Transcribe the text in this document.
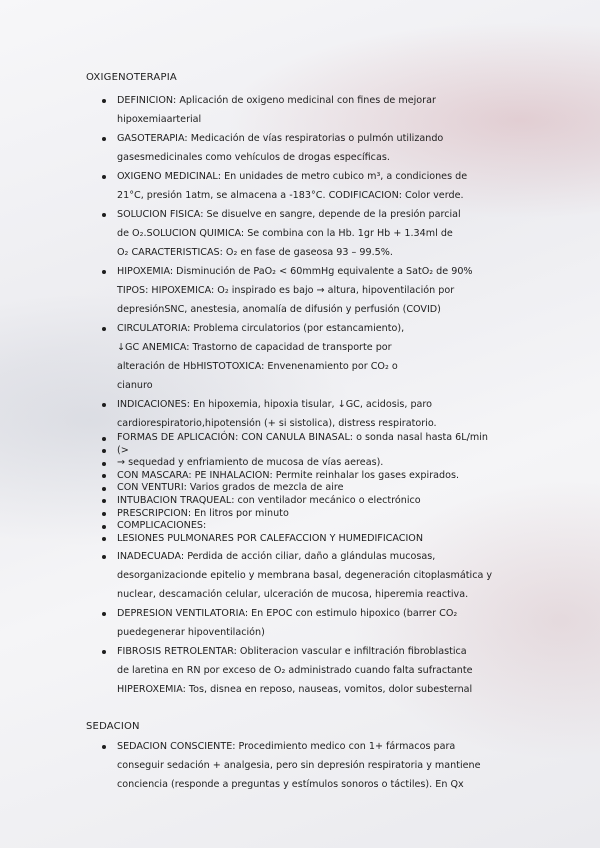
OXIGENOTERAPIA
DEFINICION: Aplicación de oxigeno medicinal con fines de mejorar
hipoxemiaarterial
GASOTERAPIA: Medicación de vías respiratorias o pulmón utilizando
gasesmedicinales como vehículos de drogas específicas.
OXIGENO MEDICINAL: En unidades de metro cubico m³, a condiciones de
21°C, presión 1atm, se almacena a -183°C. CODIFICACION: Color verde.
SOLUCION FISICA: Se disuelve en sangre, depende de la presión parcial
de O₂.SOLUCION QUIMICA: Se combina con la Hb. 1gr Hb + 1.34ml de
O₂ CARACTERISTICAS: O₂ en fase de gaseosa 93 – 99.5%.
HIPOXEMIA: Disminución de PaO₂ < 60mmHg equivalente a SatO₂ de 90%
TIPOS: HIPOXEMICA: O₂ inspirado es bajo → altura, hipoventilación por
depresiónSNC, anestesia, anomalía de difusión y perfusión (COVID)
CIRCULATORIA: Problema circulatorios (por estancamiento),
↓GC ANEMICA: Trastorno de capacidad de transporte por
alteración de HbHISTOTOXICA: Envenenamiento por CO₂ o
cianuro
INDICACIONES: En hipoxemia, hipoxia tisular, ↓GC, acidosis, paro
cardiorespiratorio,hipotensión (+ si sistolica), distress respiratorio.
FORMAS DE APLICACIÓN: CON CANULA BINASAL: o sonda nasal hasta 6L/min
(>
→ sequedad y enfriamiento de mucosa de vías aereas).
CON MASCARA: PE INHALACION: Permite reinhalar los gases expirados.
CON VENTURI: Varios grados de mezcla de aire
INTUBACION TRAQUEAL: con ventilador mecánico o electrónico
PRESCRIPCION: En litros por minuto
COMPLICACIONES:
LESIONES PULMONARES POR CALEFACCION Y HUMEDIFICACION
INADECUADA: Perdida de acción ciliar, daño a glándulas mucosas,
desorganizacionde epitelio y membrana basal, degeneración citoplasmática y
nuclear, descamación celular, ulceración de mucosa, hiperemia reactiva.
DEPRESION VENTILATORIA: En EPOC con estimulo hipoxico (barrer CO₂
puedegenerar hipoventilación)
FIBROSIS RETROLENTAR: Obliteracion vascular e infiltración fibroblastica
de laretina en RN por exceso de O₂ administrado cuando falta sufractante
HIPEROXEMIA: Tos, disnea en reposo, nauseas, vomitos, dolor subesternal
SEDACION
SEDACION CONSCIENTE: Procedimiento medico con 1+ fármacos para
conseguir sedación + analgesia, pero sin depresión respiratoria y mantiene
conciencia (responde a preguntas y estímulos sonoros o táctiles). En Qx
